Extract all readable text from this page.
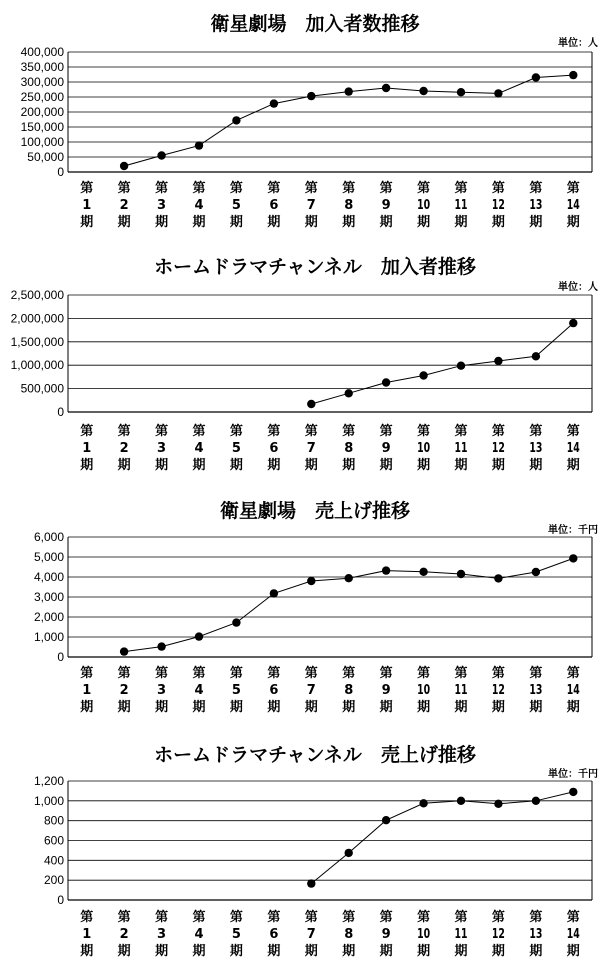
衛星劇場　加入者数推移
単位：人
400,000
350,000
300,000
250,000
200,000
150,000
100,000
50,000
0
第
1
期
第
2
期
第
3
期
第
4
期
第
5
期
第
6
期
第
7
期
第
8
期
第
9
期
第
10
期
第
11
期
第
12
期
第
13
期
第
14
期
ホームドラマチャンネル　加入者推移
単位：人
2,500,000
2,000,000
1,500,000
1,000,000
500,000
0
第
1
期
第
2
期
第
3
期
第
4
期
第
5
期
第
6
期
第
7
期
第
8
期
第
9
期
第
10
期
第
11
期
第
12
期
第
13
期
第
14
期
衛星劇場　売上げ推移
単位：千円
6,000
5,000
4,000
3,000
2,000
1,000
0
第
1
期
第
2
期
第
3
期
第
4
期
第
5
期
第
6
期
第
7
期
第
8
期
第
9
期
第
10
期
第
11
期
第
12
期
第
13
期
第
14
期
ホームドラマチャンネル　売上げ推移
単位：千円
1,200
1,000
800
600
400
200
0
第
1
期
第
2
期
第
3
期
第
4
期
第
5
期
第
6
期
第
7
期
第
8
期
第
9
期
第
10
期
第
11
期
第
12
期
第
13
期
第
14
期
